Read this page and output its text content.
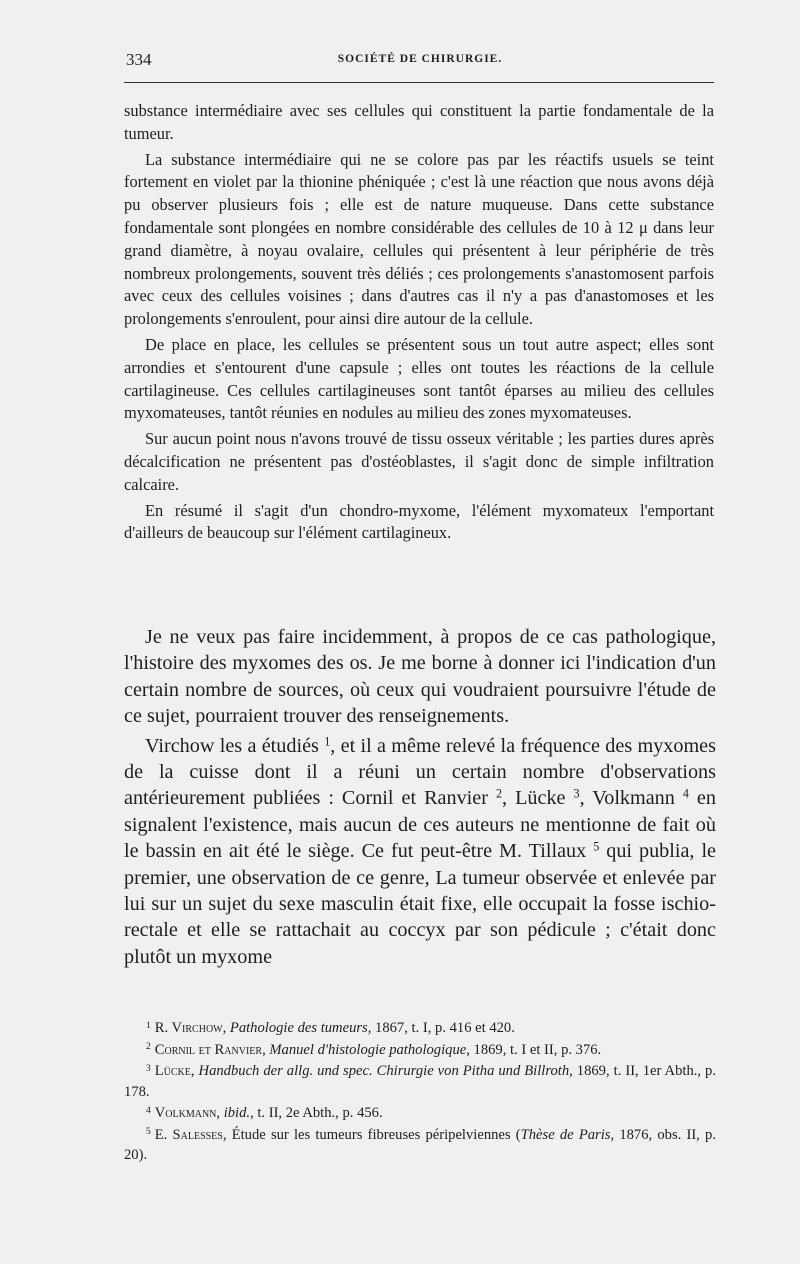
334	SOCIÉTÉ DE CHIRURGIE.

substance intermédiaire avec ses cellules qui constituent la partie fondamentale de la tumeur.

La substance intermédiaire qui ne se colore pas par les réactifs usuels se teint fortement en violet par la thionine phéniquée ; c'est là une réaction que nous avons déjà pu observer plusieurs fois ; elle est de nature muqueuse. Dans cette substance fondamentale sont plongées en nombre considérable des cellules de 10 à 12 μ dans leur grand diamètre, à noyau ovalaire, cellules qui présentent à leur périphérie de très nombreux prolongements, souvent très déliés ; ces prolongements s'anastomosent parfois avec ceux des cellules voisines ; dans d'autres cas il n'y a pas d'anastomoses et les prolongements s'enroulent, pour ainsi dire autour de la cellule.

De place en place, les cellules se présentent sous un tout autre aspect; elles sont arrondies et s'entourent d'une capsule ; elles ont toutes les réactions de la cellule cartilagineuse. Ces cellules cartilagineuses sont tantôt éparses au milieu des cellules myxomateuses, tantôt réunies en nodules au milieu des zones myxomateuses.

Sur aucun point nous n'avons trouvé de tissu osseux véritable ; les parties dures après décalcification ne présentent pas d'ostéoblastes, il s'agit donc de simple infiltration calcaire.

En résumé il s'agit d'un chondro-myxome, l'élément myxomateux l'emportant d'ailleurs de beaucoup sur l'élément cartilagineux.

Je ne veux pas faire incidemment, à propos de ce cas pathologique, l'histoire des myxomes des os. Je me borne à donner ici l'indication d'un certain nombre de sources, où ceux qui voudraient poursuivre l'étude de ce sujet, pourraient trouver des renseignements.

Virchow les a étudiés $^1$, et il a même relevé la fréquence des myxomes de la cuisse dont il a réuni un certain nombre d'observations antérieurement publiées : Cornil et Ranvier $^2$, Lücke $^3$, Volkmann $^4$ en signalent l'existence, mais aucun de ces auteurs ne mentionne de fait où le bassin en ait été le siège. Ce fut peut-être M. Tillaux $^5$ qui publia, le premier, une observation de ce genre, La tumeur observée et enlevée par lui sur un sujet du sexe masculin était fixe, elle occupait la fosse ischio-rectale et elle se rattachait au coccyx par son pédicule ; c'était donc plutôt un myxome

$^1$ R. Virchow, Pathologie des tumeurs, 1867, t. I, p. 416 et 420.

$^2$ Cornil et Ranvier, Manuel d'histologie pathologique, 1869, t. I et II, p. 376.

$^3$ Lücke, Handbuch der allg. und spec. Chirurgie von Pitha und Billroth, 1869, t. II, 1er Abth., p. 178.

$^4$ Volkmann, ibid., t. II, 2e Abth., p. 456.

$^5$ E. Salesses, Étude sur les tumeurs fibreuses péripelviennes (Thèse de Paris, 1876, obs. II, p. 20).
